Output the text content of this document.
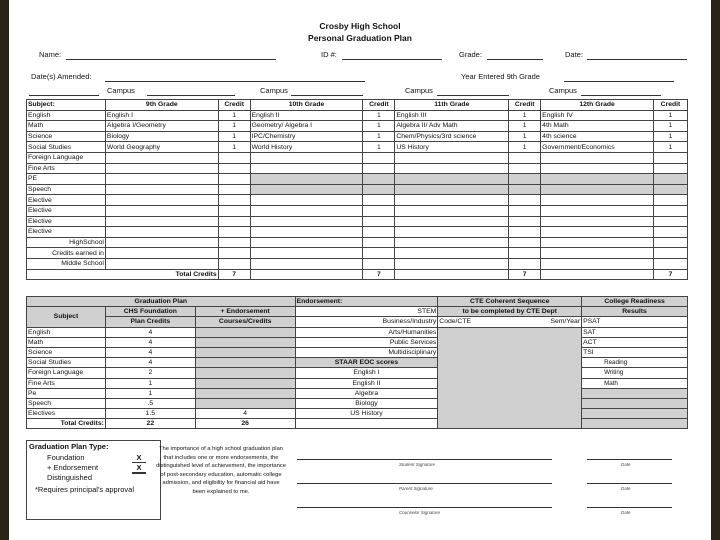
Crosby High School
Personal Graduation Plan
Name:	ID #:	Grade:	Date:
Date(s) Amended:	Year Entered 9th Grade
Campus	Campus	Campus	Campus
Subject:	9th Grade	Credit	10th Grade	Credit	11th Grade	Credit	12th Grade	Credit
English	English I	1	English II	1	English III	1	English IV	1
Math	Algebra I/Geometry	1	Geometry/ Algebra I	1	Algebra II/ Adv Math	1	4th Math	1
Science	Biology	1	IPC/Chemistry	1	Chem/Physics/3rd science	1	4th science	1
Social Studies	World Geography	1	World History	1	US History	1	Government/Economics	1
Foreign Language								
Fine Arts								
PE								
Speech								
Elective								
Elective								
Elective								
Elective								
HighSchool								
Credits earned in								
Middle School								
Total Credits		7		7		7		7
Graduation Plan			Endorsement:	CTE Coherent Sequence	College Readiness
Subject	CHS Foundation	+ Endorsement	STEM	to be completed by CTE Dept	Results
	Plan Credits	Courses/Credits	Business/Industry	Code/CTE Sem/Year	PSAT
English	4		Arts/Humanities		SAT
Math	4		Public Services		ACT
Science	4		Multidisciplinary		TSI
Social Studies	4		STAAR EOC scores		Reading
Foreign Language	2		English I		Writing
Fine Arts	1		English II		Math
Pe	1		Algebra		
Speech	.5		Biology		
Electives	1.5	4	US History		
Total Credits:	22	26			
Graduation Plan Type:
Foundation	X
+ Endorsement	X
Distinguished
*Requires principal's approval
The importance of a high school graduation plan that includes one or more endorsements, the distinguished level of achievement, the importance of post-secondary education, automatic college admission, and eligibility for financial aid have been explained to me.
Student Signature	Date
Parent Signature	Date
Counselor Signature	Date
